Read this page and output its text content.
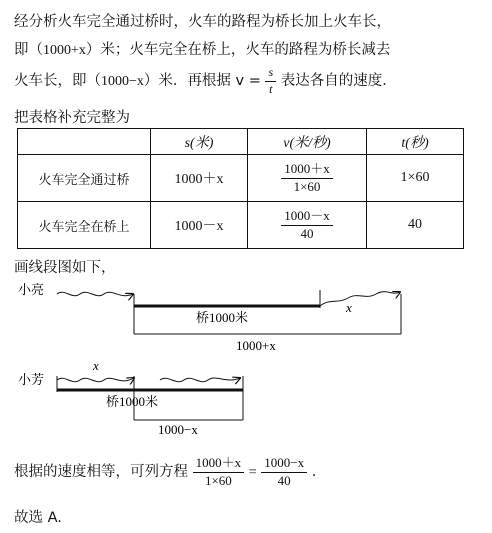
经分析火车完全通过桥时，火车的路程为桥长加上火车长，
即（1000+x）米；火车完全在桥上，火车的路程为桥长减去
火车长，即（1000−x）米．再根据 $v = \frac{s}{t}$ 表达各自的速度．
把表格补充完整为
	s(米)	v(米/秒)	t(秒)
火车完全通过桥	1000＋x	$\frac{1000+x}{1\times 60}$	1×60
火车完全在桥上	1000－x	$\frac{1000-x}{40}$	40
画线段图如下，
小亮
桥1000米
x
1000+x
小芳
x
桥1000米
1000−x
根据的速度相等，可列方程 $\frac{1000+x}{1\times 60} = \frac{1000-x}{40}$ .
故选 A.
